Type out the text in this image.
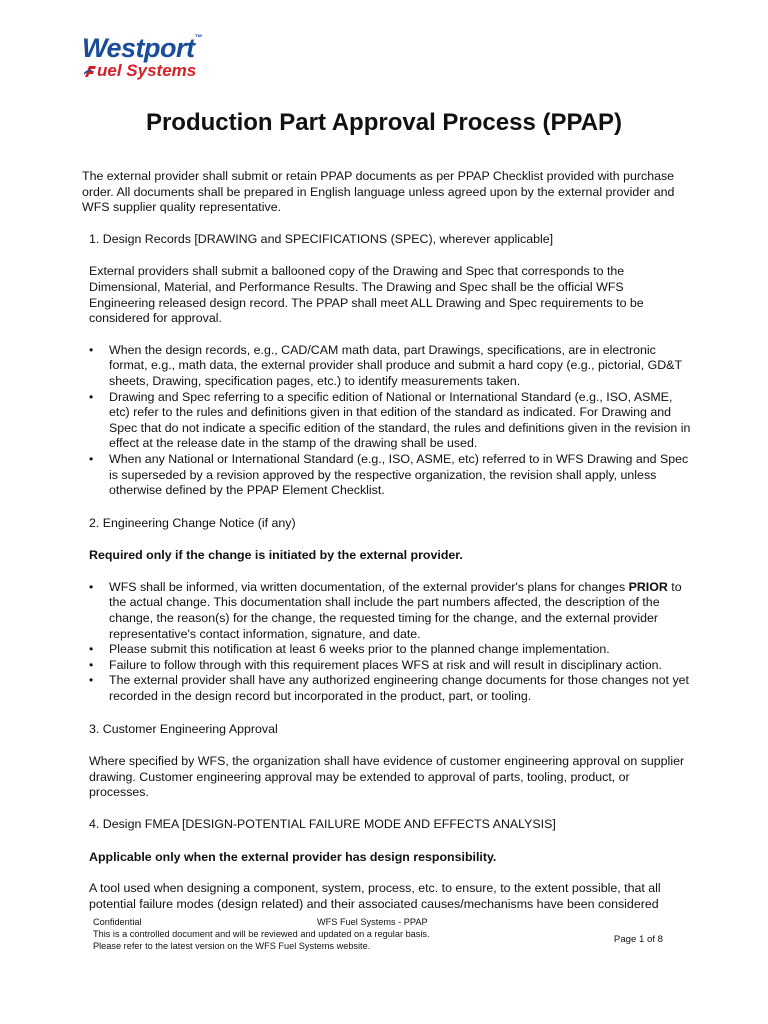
Westport™
uel Systems
Production Part Approval Process (PPAP)

The external provider shall submit or retain PPAP documents as per PPAP Checklist provided with purchase order. All documents shall be prepared in English language unless agreed upon by the external provider and WFS supplier quality representative.

1. Design Records [DRAWING and SPECIFICATIONS (SPEC), wherever applicable]

External providers shall submit a ballooned copy of the Drawing and Spec that corresponds to the Dimensional, Material, and Performance Results. The Drawing and Spec shall be the official WFS Engineering released design record. The PPAP shall meet ALL Drawing and Spec requirements to be considered for approval.

• When the design records, e.g., CAD/CAM math data, part Drawings, specifications, are in electronic format, e.g., math data, the external provider shall produce and submit a hard copy (e.g., pictorial, GD&T sheets, Drawing, specification pages, etc.) to identify measurements taken.
• Drawing and Spec referring to a specific edition of National or International Standard (e.g., ISO, ASME, etc) refer to the rules and definitions given in that edition of the standard as indicated. For Drawing and Spec that do not indicate a specific edition of the standard, the rules and definitions given in the revision in effect at the release date in the stamp of the drawing shall be used.
• When any National or International Standard (e.g., ISO, ASME, etc) referred to in WFS Drawing and Spec is superseded by a revision approved by the respective organization, the revision shall apply, unless otherwise defined by the PPAP Element Checklist.

2. Engineering Change Notice (if any)

Required only if the change is initiated by the external provider.

• WFS shall be informed, via written documentation, of the external provider's plans for changes PRIOR to the actual change. This documentation shall include the part numbers affected, the description of the change, the reason(s) for the change, the requested timing for the change, and the external provider representative's contact information, signature, and date.
• Please submit this notification at least 6 weeks prior to the planned change implementation.
• Failure to follow through with this requirement places WFS at risk and will result in disciplinary action.
• The external provider shall have any authorized engineering change documents for those changes not yet recorded in the design record but incorporated in the product, part, or tooling.

3. Customer Engineering Approval

Where specified by WFS, the organization shall have evidence of customer engineering approval on supplier drawing. Customer engineering approval may be extended to approval of parts, tooling, product, or processes.

4. Design FMEA [DESIGN-POTENTIAL FAILURE MODE AND EFFECTS ANALYSIS]

Applicable only when the external provider has design responsibility.

A tool used when designing a component, system, process, etc. to ensure, to the extent possible, that all potential failure modes (design related) and their associated causes/mechanisms have been considered

Confidential	WFS Fuel Systems - PPAP
This is a controlled document and will be reviewed and updated on a regular basis.	Page 1 of 8
Please refer to the latest version on the WFS Fuel Systems website.
